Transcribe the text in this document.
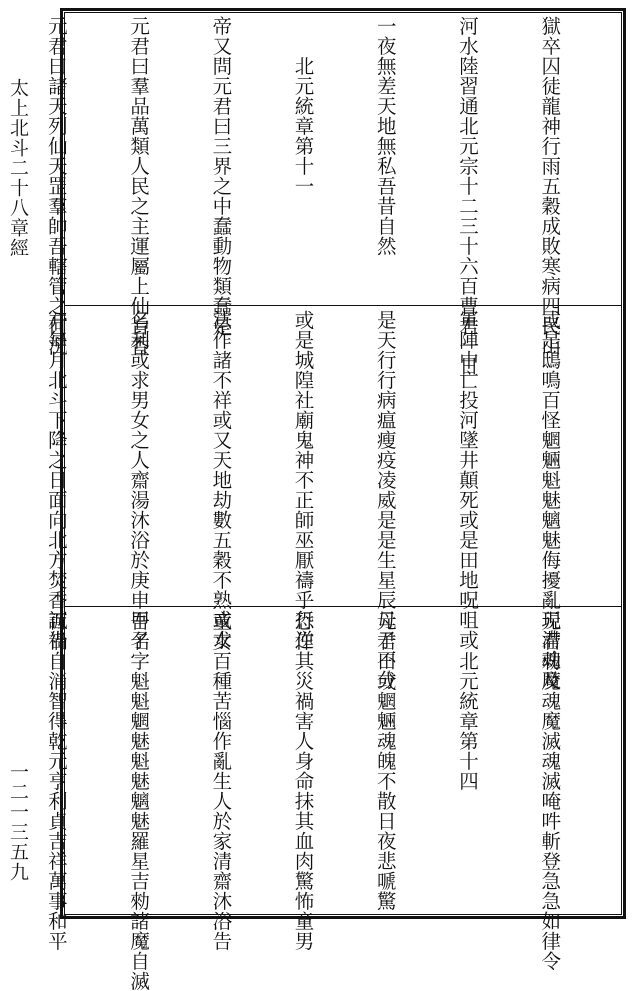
太上北斗二十八章經
一二一三五九

獄卒囚徒龍神行雨五穀成敗寒病四民山

河水陸習通北元宗十二三十六百曹君一日

一夜無差天地無私吾昔自然

　　北元統章第十一

帝又問元君曰三界之中蠢動物類蠢是

元君曰羣品萬類人民之主運屬上仙旨香

元君曰諸天列仙天罡羣帥吾轄管之何況

或是鴟鳴百怪魍魎魁魅魑魅侮擾亂現滯魂及

軍陣中亡投河墜井顛死或是田地呪咀或

是天行行病瘟瘦疫凌威是是生星辰母子不分

或是城隍社廟鬼神不正師巫厭禱乎行逆

法作諸不祥或又天地劫數五穀不熟或求

名利或求男女之人齋湯沐浴於庚申甲子

并每月北斗下降之日面向北方焚香誠告

元君勑魔魂魔滅魂滅唵吽斬登急急如律令

　　北元統章第十四

元君曰或魍魎魂魄不散日夜悲嗁驚

恐作其災禍害人身命抹其血肉驚怖童男

童女百種苦惱作亂生人於家清齋沐浴告

吾名字魁魁魍魅魁魅魑魅羅星吉勑諸魔自滅

百禍自消智得乾元亨利貞吉祥萬事和平
